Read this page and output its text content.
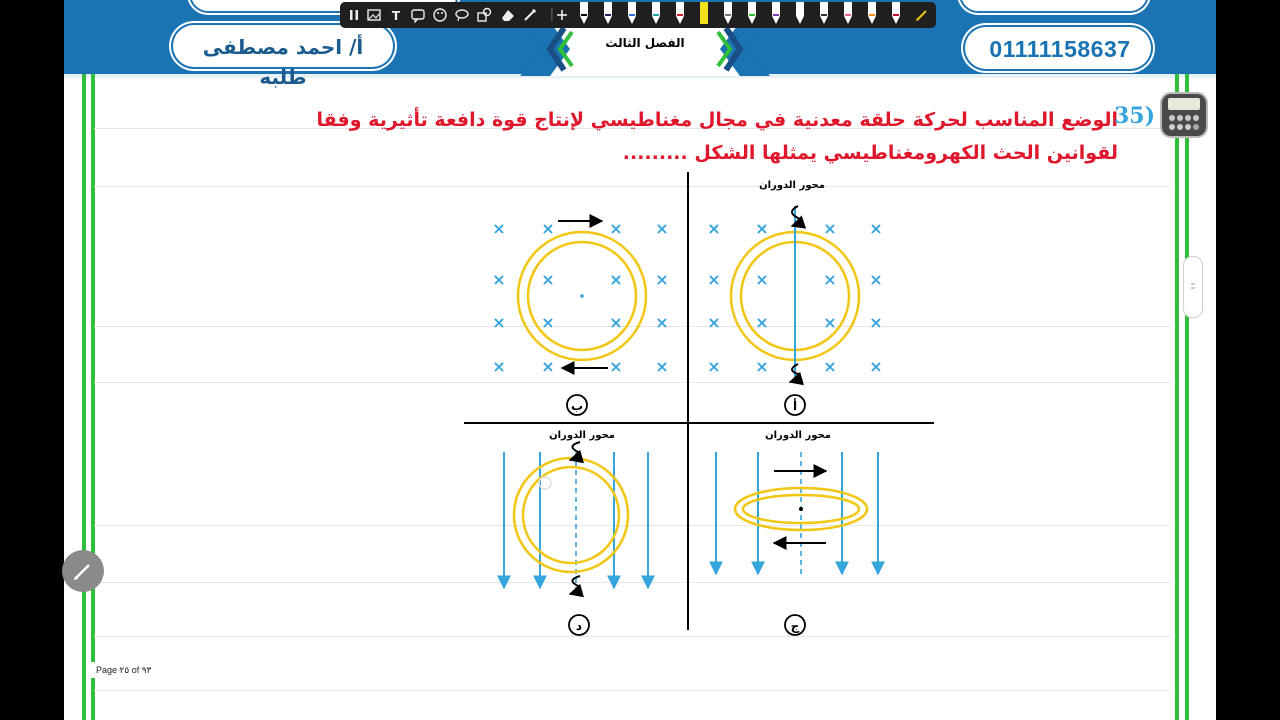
01111158637
أ/ احمد مصطفى طلبه
الفصل الثالث
الوضع المناسب لحركة حلقة معدنية في مجال مغناطيسي لإنتاج قوة دافعة تأثيرية وفقا لقوانين الحث الكهرومغناطيسي يمثلها الشكل .........
35)
محور الدوران
× ×	× ×
× ×	× ×
× ×	× ×
× ×	× ×
أ
× ×	× ×
× ×	× ×
× ×	× ×
× ×	× ×
ب
محور الدوران
ج
محور الدوران
د
T	|
Page ٢٥ of ٩٣
